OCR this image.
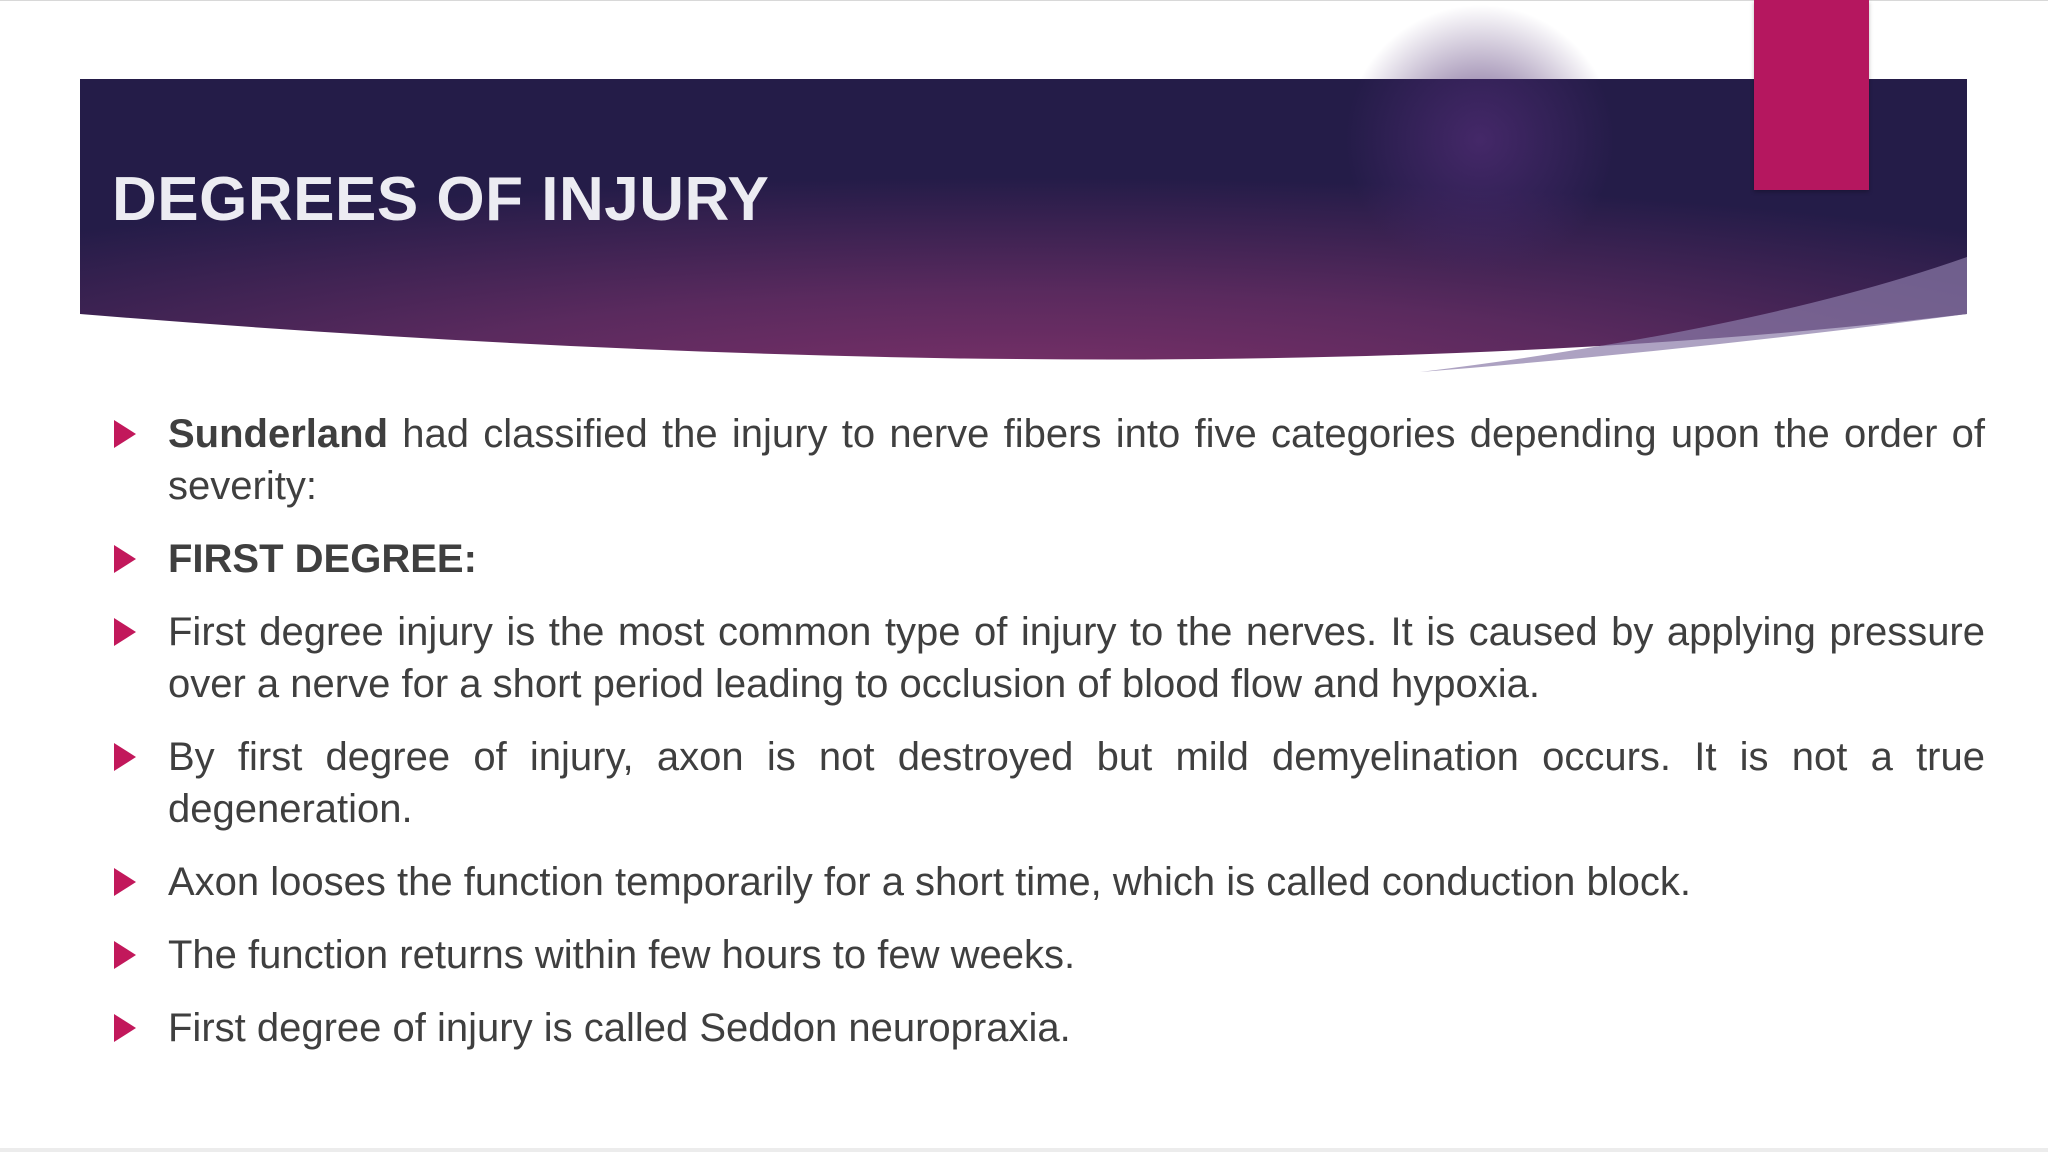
DEGREES OF INJURY
Sunderland had classified the injury to nerve fibers into five categories depending upon the order of severity:
FIRST DEGREE:
First degree injury is the most common type of injury to the nerves. It is caused by applying pressure over a nerve for a short period leading to occlusion of blood flow and hypoxia.
By first degree of injury, axon is not destroyed but mild demyelination occurs. It is not a true degeneration.
Axon looses the function temporarily for a short time, which is called conduction block.
The function returns within few hours to few weeks.
First degree of injury is called Seddon neuropraxia.
